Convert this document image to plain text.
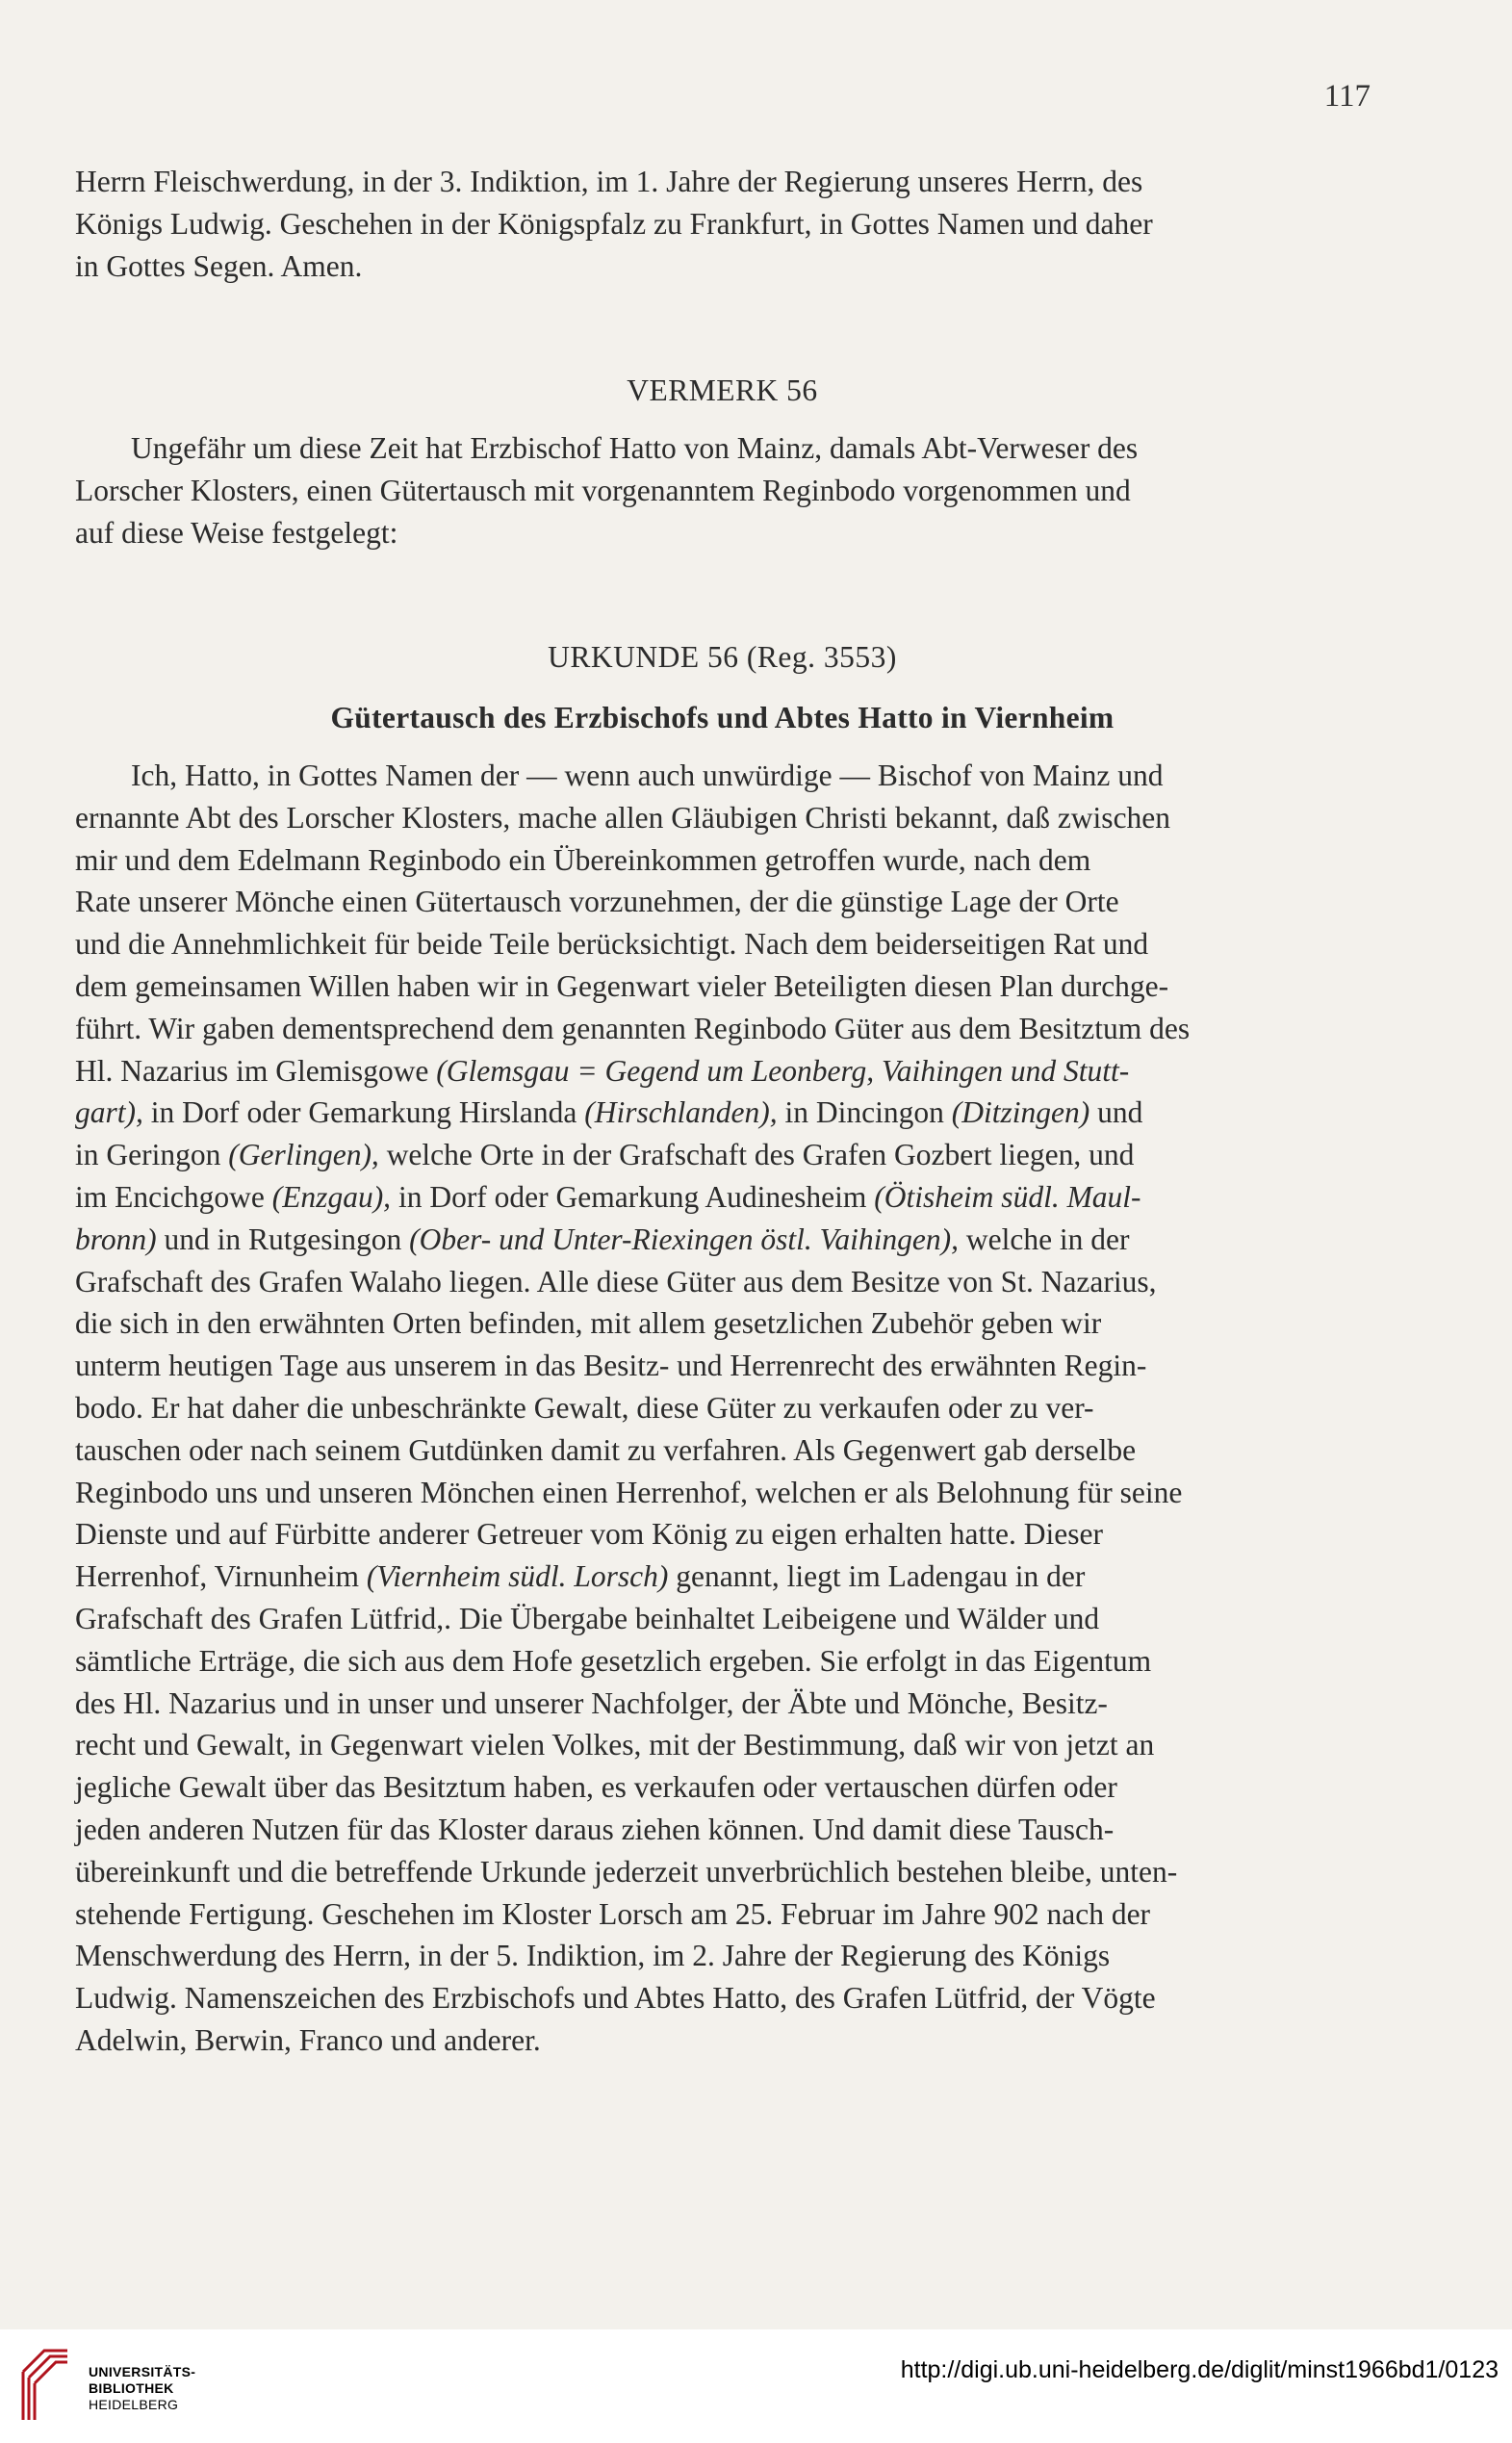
117

Herrn Fleischwerdung, in der 3. Indiktion, im 1. Jahre der Regierung unseres Herrn, des

Königs Ludwig. Geschehen in der Königspfalz zu Frankfurt, in Gottes Namen und daher

in Gottes Segen. Amen.

VERMERK 56

Ungefähr um diese Zeit hat Erzbischof Hatto von Mainz, damals Abt-Verweser des

Lorscher Klosters, einen Gütertausch mit vorgenanntem Reginbodo vorgenommen und

auf diese Weise festgelegt:

URKUNDE 56 (Reg. 3553)
Gütertausch des Erzbischofs und Abtes Hatto in Viernheim

Ich, Hatto, in Gottes Namen der — wenn auch unwürdige — Bischof von Mainz und

ernannte Abt des Lorscher Klosters, mache allen Gläubigen Christi bekannt, daß zwischen

mir und dem Edelmann Reginbodo ein Übereinkommen getroffen wurde, nach dem

Rate unserer Mönche einen Gütertausch vorzunehmen, der die günstige Lage der Orte

und die Annehmlichkeit für beide Teile berücksichtigt. Nach dem beiderseitigen Rat und

dem gemeinsamen Willen haben wir in Gegenwart vieler Beteiligten diesen Plan durchge-

führt. Wir gaben dementsprechend dem genannten Reginbodo Güter aus dem Besitztum des

Hl. Nazarius im Glemisgowe (Glemsgau = Gegend um Leonberg, Vaihingen und Stutt-

gart), in Dorf oder Gemarkung Hirslanda (Hirschlanden), in Dincingon (Ditzingen) und

in Geringon (Gerlingen), welche Orte in der Grafschaft des Grafen Gozbert liegen, und

im Encichgowe (Enzgau), in Dorf oder Gemarkung Audinesheim (Ötisheim südl. Maul-

bronn) und in Rutgesingon (Ober- und Unter-Riexingen östl. Vaihingen), welche in der

Grafschaft des Grafen Walaho liegen. Alle diese Güter aus dem Besitze von St. Nazarius,

die sich in den erwähnten Orten befinden, mit allem gesetzlichen Zubehör geben wir

unterm heutigen Tage aus unserem in das Besitz- und Herrenrecht des erwähnten Regin-

bodo. Er hat daher die unbeschränkte Gewalt, diese Güter zu verkaufen oder zu ver-

tauschen oder nach seinem Gutdünken damit zu verfahren. Als Gegenwert gab derselbe

Reginbodo uns und unseren Mönchen einen Herrenhof, welchen er als Belohnung für seine

Dienste und auf Fürbitte anderer Getreuer vom König zu eigen erhalten hatte. Dieser

Herrenhof, Virnunheim (Viernheim südl. Lorsch) genannt, liegt im Ladengau in der

Grafschaft des Grafen Lütfrid,. Die Übergabe beinhaltet Leibeigene und Wälder und

sämtliche Erträge, die sich aus dem Hofe gesetzlich ergeben. Sie erfolgt in das Eigentum

des Hl. Nazarius und in unser und unserer Nachfolger, der Äbte und Mönche, Besitz-

recht und Gewalt, in Gegenwart vielen Volkes, mit der Bestimmung, daß wir von jetzt an

jegliche Gewalt über das Besitztum haben, es verkaufen oder vertauschen dürfen oder

jeden anderen Nutzen für das Kloster daraus ziehen können. Und damit diese Tausch-

übereinkunft und die betreffende Urkunde jederzeit unverbrüchlich bestehen bleibe, unten-

stehende Fertigung. Geschehen im Kloster Lorsch am 25. Februar im Jahre 902 nach der

Menschwerdung des Herrn, in der 5. Indiktion, im 2. Jahre der Regierung des Königs

Ludwig. Namenszeichen des Erzbischofs und Abtes Hatto, des Grafen Lütfrid, der Vögte

Adelwin, Berwin, Franco und anderer.

UNIVERSITÄTS-
BIBLIOTHEK
HEIDELBERG
http://digi.ub.uni-heidelberg.de/diglit/minst1966bd1/0123
